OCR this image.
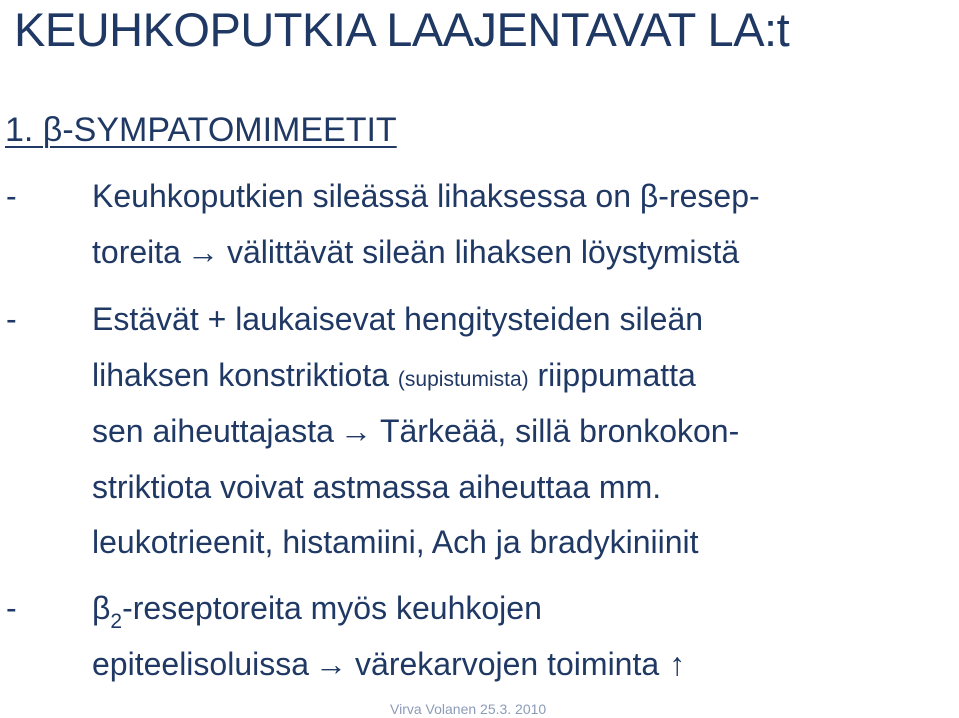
KEUHKOPUTKIA LAAJENTAVAT LA:t
1. β-SYMPATOMIMEETIT
- Keuhkoputkien sileässä lihaksessa on β-resep-
toreita → välittävät sileän lihaksen löystymistä
- Estävät + laukaisevat hengitysteiden sileän
lihaksen konstriktiota (supistumista) riippumatta
sen aiheuttajasta → Tärkeää, sillä bronkokon-
striktiota voivat astmassa aiheuttaa mm.
leukotrieenit, histamiini, Ach ja bradykiniinit
- $\beta_2$-reseptoreita myös keuhkojen
epiteelisoluissa → värekarvojen toiminta ↑
Virva Volanen 25.3. 2010
